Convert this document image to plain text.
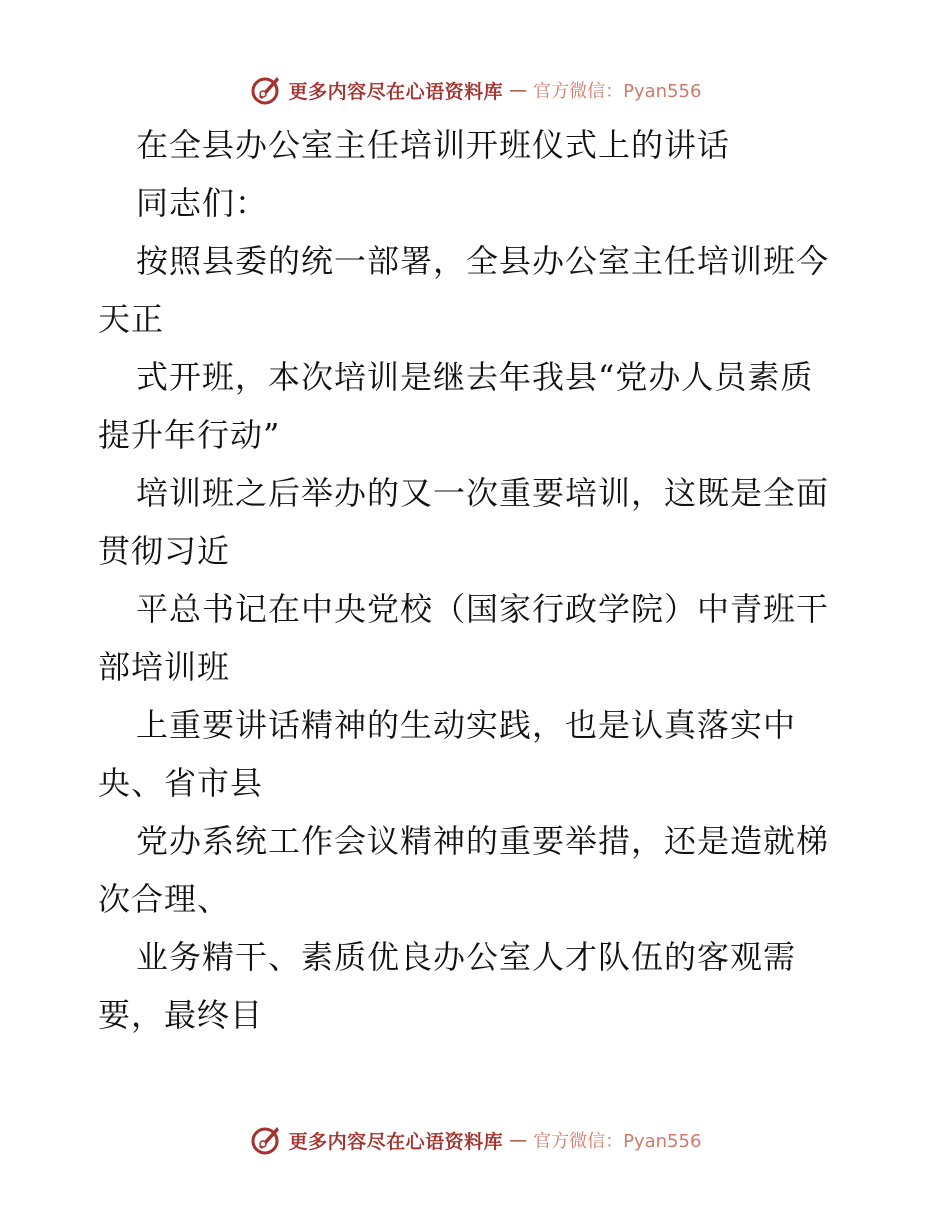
更多内容尽在心语资料库 — 官方微信：Pyan556

在全县办公室主任培训开班仪式上的讲话

同志们：

按照县委的统一部署，全县办公室主任培训班今

天正

式开班，本次培训是继去年我县“党办人员素质

提升年行动”

培训班之后举办的又一次重要培训，这既是全面

贯彻习近

平总书记在中央党校（国家行政学院）中青班干

部培训班

上重要讲话精神的生动实践，也是认真落实中

央、省市县

党办系统工作会议精神的重要举措，还是造就梯

次合理、

业务精干、素质优良办公室人才队伍的客观需

要，最终目

更多内容尽在心语资料库 — 官方微信：Pyan556
